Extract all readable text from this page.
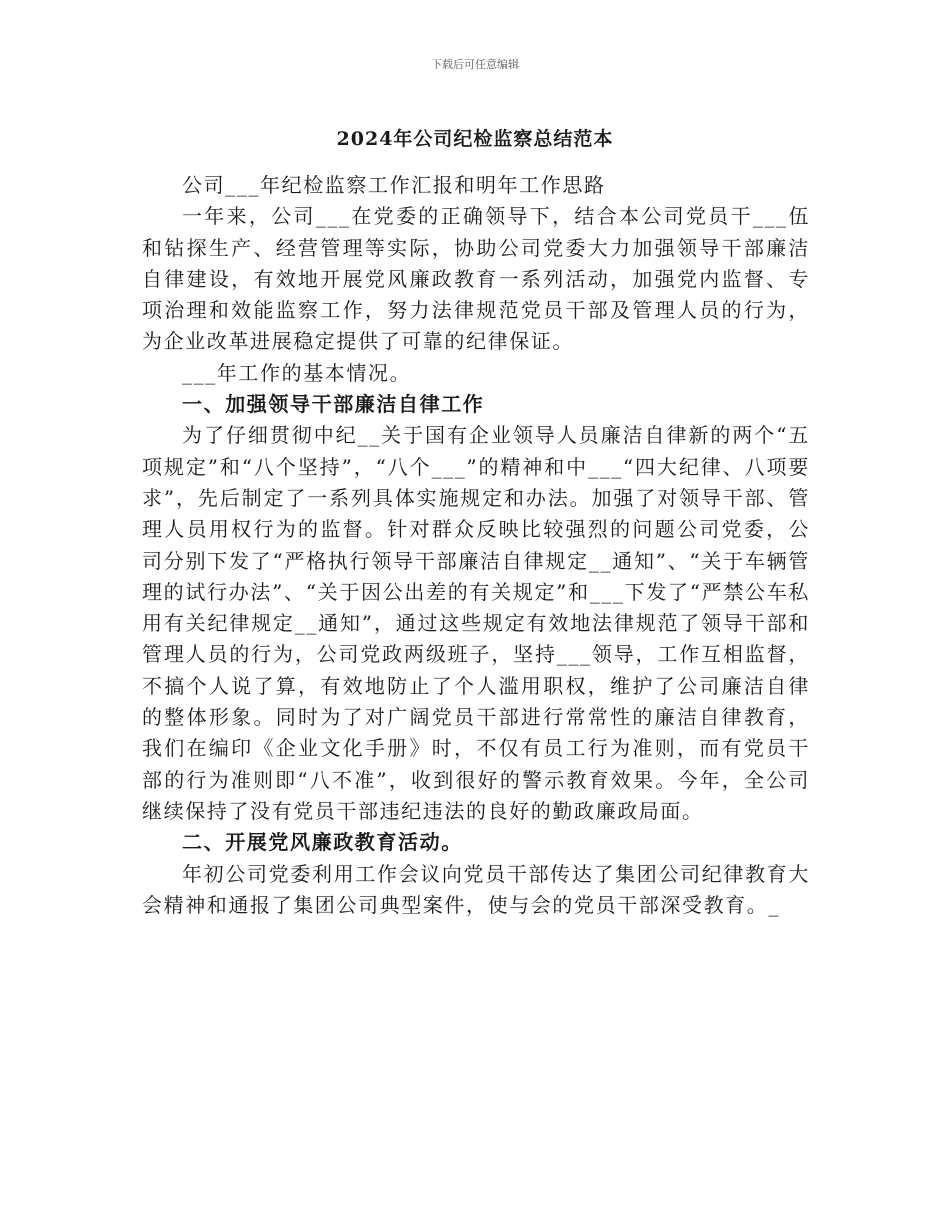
下载后可任意编辑
2024年公司纪检监察总结范本

公司___年纪检监察工作汇报和明年工作思路

一年来，公司___在党委的正确领导下，结合本公司党员干___伍和钻探生产、经营管理等实际，协助公司党委大力加强领导干部廉洁自律建设，有效地开展党风廉政教育一系列活动，加强党内监督、专项治理和效能监察工作，努力法律规范党员干部及管理人员的行为，为企业改革进展稳定提供了可靠的纪律保证。

___年工作的基本情况。

一、加强领导干部廉洁自律工作

为了仔细贯彻中纪__关于国有企业领导人员廉洁自律新的两个“五项规定”和“八个坚持”，“八个___”的精神和中___“四大纪律、八项要求”，先后制定了一系列具体实施规定和办法。加强了对领导干部、管理人员用权行为的监督。针对群众反映比较强烈的问题公司党委，公司分别下发了“严格执行领导干部廉洁自律规定__通知”、“关于车辆管理的试行办法”、“关于因公出差的有关规定”和___下发了“严禁公车私用有关纪律规定__通知”，通过这些规定有效地法律规范了领导干部和管理人员的行为，公司党政两级班子，坚持___领导，工作互相监督，不搞个人说了算，有效地防止了个人滥用职权，维护了公司廉洁自律的整体形象。同时为了对广阔党员干部进行常常性的廉洁自律教育，我们在编印《企业文化手册》时，不仅有员工行为准则，而有党员干部的行为准则即“八不准”，收到很好的警示教育效果。今年，全公司继续保持了没有党员干部违纪违法的良好的勤政廉政局面。

二、开展党风廉政教育活动。

年初公司党委利用工作会议向党员干部传达了集团公司纪律教育大会精神和通报了集团公司典型案件，使与会的党员干部深受教育。_
